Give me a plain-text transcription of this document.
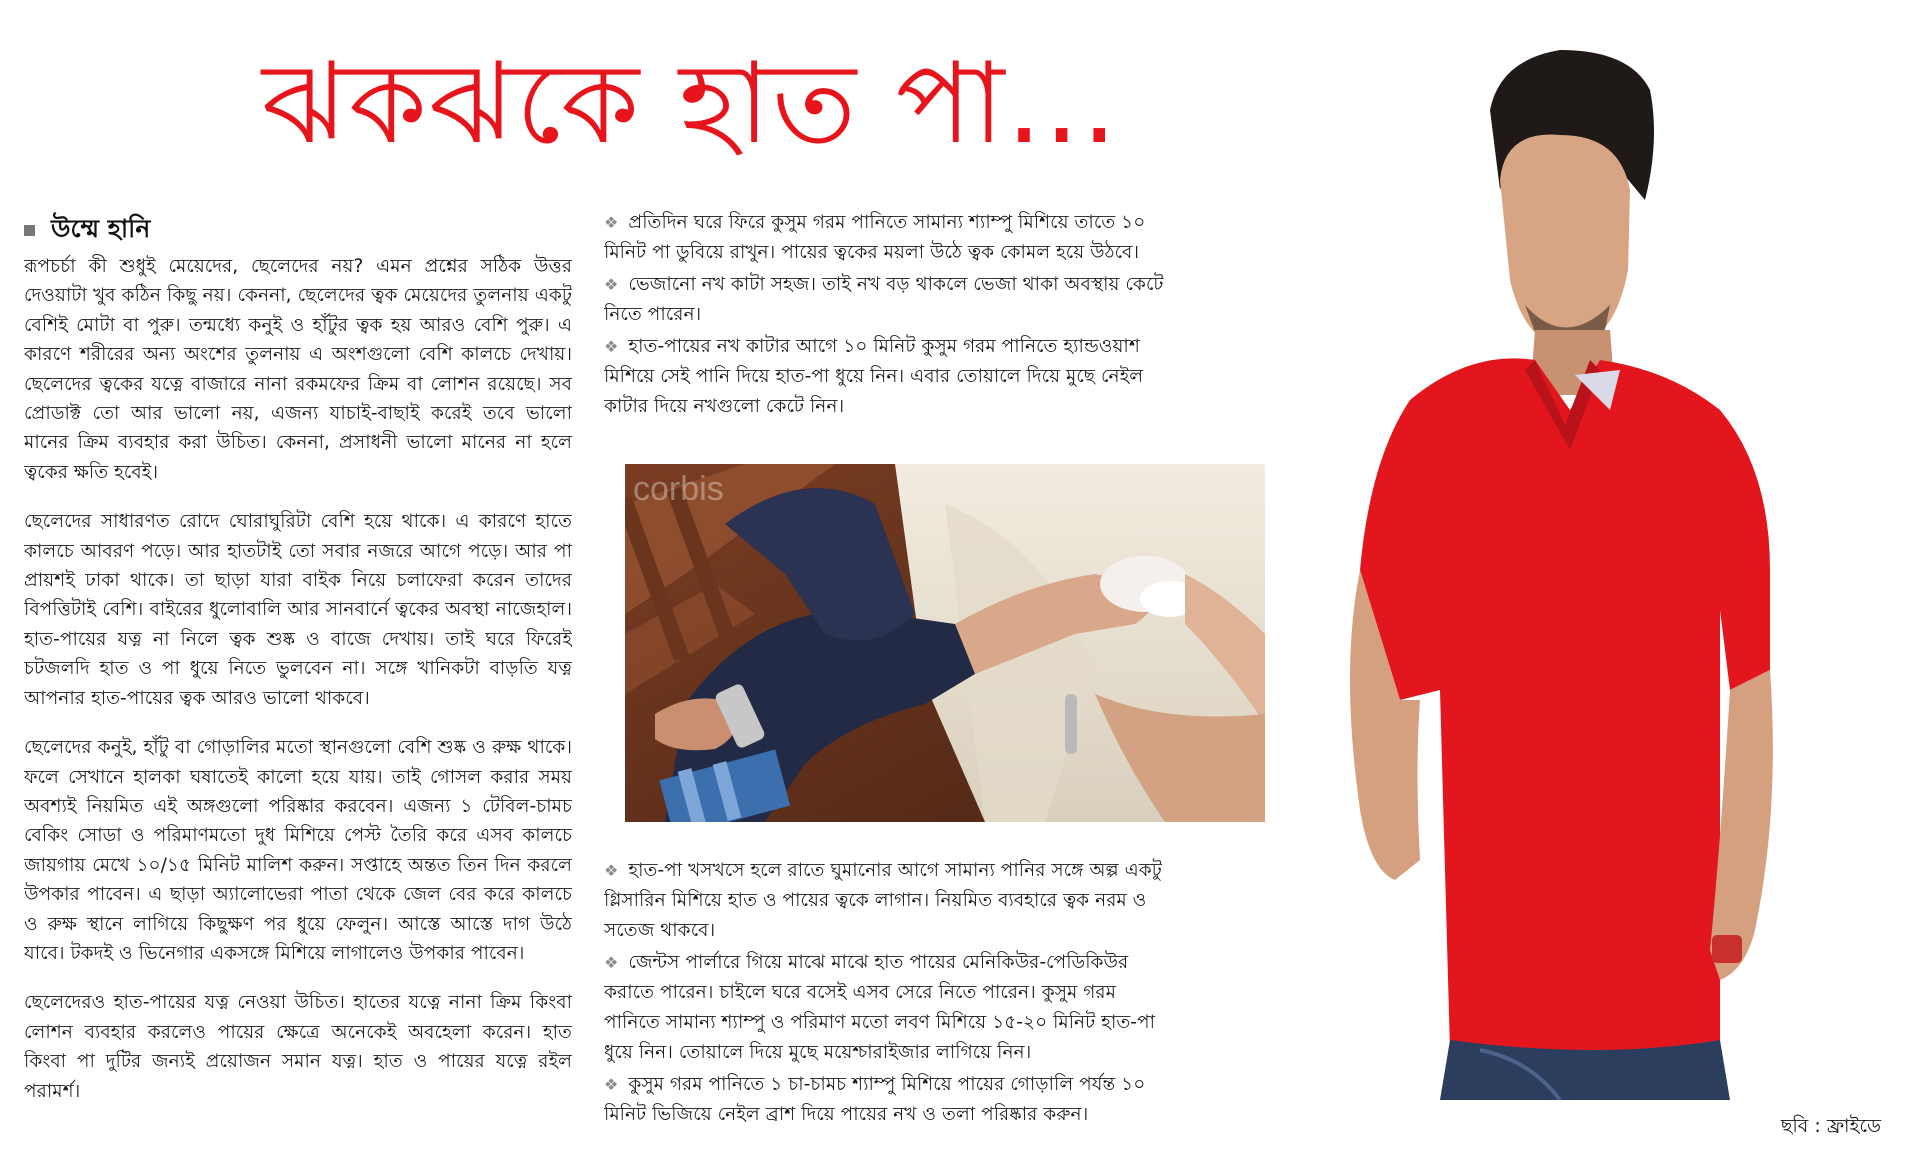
ঝকঝকে হাত পা...
উম্মে হানি

রূপচর্চা কী শুধুই মেয়েদের, ছেলেদের নয়? এমন প্রশ্নের সঠিক উত্তর দেওয়াটা খুব কঠিন কিছু নয়। কেননা, ছেলেদের ত্বক মেয়েদের তুলনায় একটু বেশিই মোটা বা পুরু। তন্মধ্যে কনুই ও হাঁটুর ত্বক হয় আরও বেশি পুরু। এ কারণে শরীরের অন্য অংশের তুলনায় এ অংশগুলো বেশি কালচে দেখায়। ছেলেদের ত্বকের যত্নে বাজারে নানা রকমফের ক্রিম বা লোশন রয়েছে। সব প্রোডাক্ট তো আর ভালো নয়, এজন্য যাচাই-বাছাই করেই তবে ভালো মানের ক্রিম ব্যবহার করা উচিত। কেননা, প্রসাধনী ভালো মানের না হলে ত্বকের ক্ষতি হবেই।

ছেলেদের সাধারণত রোদে ঘোরাঘুরিটা বেশি হয়ে থাকে। এ কারণে হাতে কালচে আবরণ পড়ে। আর হাতটাই তো সবার নজরে আগে পড়ে। আর পা প্রায়শই ঢাকা থাকে। তা ছাড়া যারা বাইক নিয়ে চলাফেরা করেন তাদের বিপত্তিটাই বেশি। বাইরের ধুলোবালি আর সানবার্নে ত্বকের অবস্থা নাজেহাল। হাত-পায়ের যত্ন না নিলে ত্বক শুষ্ক ও বাজে দেখায়। তাই ঘরে ফিরেই চটজলদি হাত ও পা ধুয়ে নিতে ভুলবেন না। সঙ্গে খানিকটা বাড়তি যত্ন আপনার হাত-পায়ের ত্বক আরও ভালো থাকবে।

ছেলেদের কনুই, হাঁটু বা গোড়ালির মতো স্থানগুলো বেশি শুষ্ক ও রুক্ষ থাকে। ফলে সেখানে হালকা ঘষাতেই কালো হয়ে যায়। তাই গোসল করার সময় অবশ্যই নিয়মিত এই অঙ্গগুলো পরিষ্কার করবেন। এজন্য ১ টেবিল-চামচ বেকিং সোডা ও পরিমাণমতো দুধ মিশিয়ে পেস্ট তৈরি করে এসব কালচে জায়গায় মেখে ১০/১৫ মিনিট মালিশ করুন। সপ্তাহে অন্তত তিন দিন করলে উপকার পাবেন। এ ছাড়া অ্যালোভেরা পাতা থেকে জেল বের করে কালচে ও রুক্ষ স্থানে লাগিয়ে কিছুক্ষণ পর ধুয়ে ফেলুন। আস্তে আস্তে দাগ উঠে যাবে। টকদই ও ভিনেগার একসঙ্গে মিশিয়ে লাগালেও উপকার পাবেন।

ছেলেদেরও হাত-পায়ের যত্ন নেওয়া উচিত। হাতের যত্নে নানা ক্রিম কিংবা লোশন ব্যবহার করলেও পায়ের ক্ষেত্রে অনেকেই অবহেলা করেন। হাত কিংবা পা দুটির জন্যই প্রয়োজন সমান যত্ন। হাত ও পায়ের যত্নে রইল পরামর্শ।

❖ প্রতিদিন ঘরে ফিরে কুসুম গরম পানিতে সামান্য শ্যাম্পু মিশিয়ে তাতে ১০ মিনিট পা ডুবিয়ে রাখুন। পায়ের ত্বকের ময়লা উঠে ত্বক কোমল হয়ে উঠবে।
❖ ভেজানো নখ কাটা সহজ। তাই নখ বড় থাকলে ভেজা থাকা অবস্থায় কেটে নিতে পারেন।
❖ হাত-পায়ের নখ কাটার আগে ১০ মিনিট কুসুম গরম পানিতে হ্যান্ডওয়াশ মিশিয়ে সেই পানি দিয়ে হাত-পা ধুয়ে নিন। এবার তোয়ালে দিয়ে মুছে নেইল কাটার দিয়ে নখগুলো কেটে নিন।
corbis
❖ হাত-পা খসখসে হলে রাতে ঘুমানোর আগে সামান্য পানির সঙ্গে অল্প একটু গ্লিসারিন মিশিয়ে হাত ও পায়ের ত্বকে লাগান। নিয়মিত ব্যবহারে ত্বক নরম ও সতেজ থাকবে।
❖ জেন্টস পার্লারে গিয়ে মাঝে মাঝে হাত পায়ের মেনিকিউর-পেডিকিউর করাতে পারেন। চাইলে ঘরে বসেই এসব সেরে নিতে পারেন। কুসুম গরম পানিতে সামান্য শ্যাম্পু ও পরিমাণ মতো লবণ মিশিয়ে ১৫-২০ মিনিট হাত-পা ধুয়ে নিন। তোয়ালে দিয়ে মুছে ময়েশ্চারাইজার লাগিয়ে নিন।
❖ কুসুম গরম পানিতে ১ চা-চামচ শ্যাম্পু মিশিয়ে পায়ের গোড়ালি পর্যন্ত ১০ মিনিট ভিজিয়ে নেইল ব্রাশ দিয়ে পায়ের নখ ও তলা পরিষ্কার করুন।
ছবি : ফ্রাইডে
